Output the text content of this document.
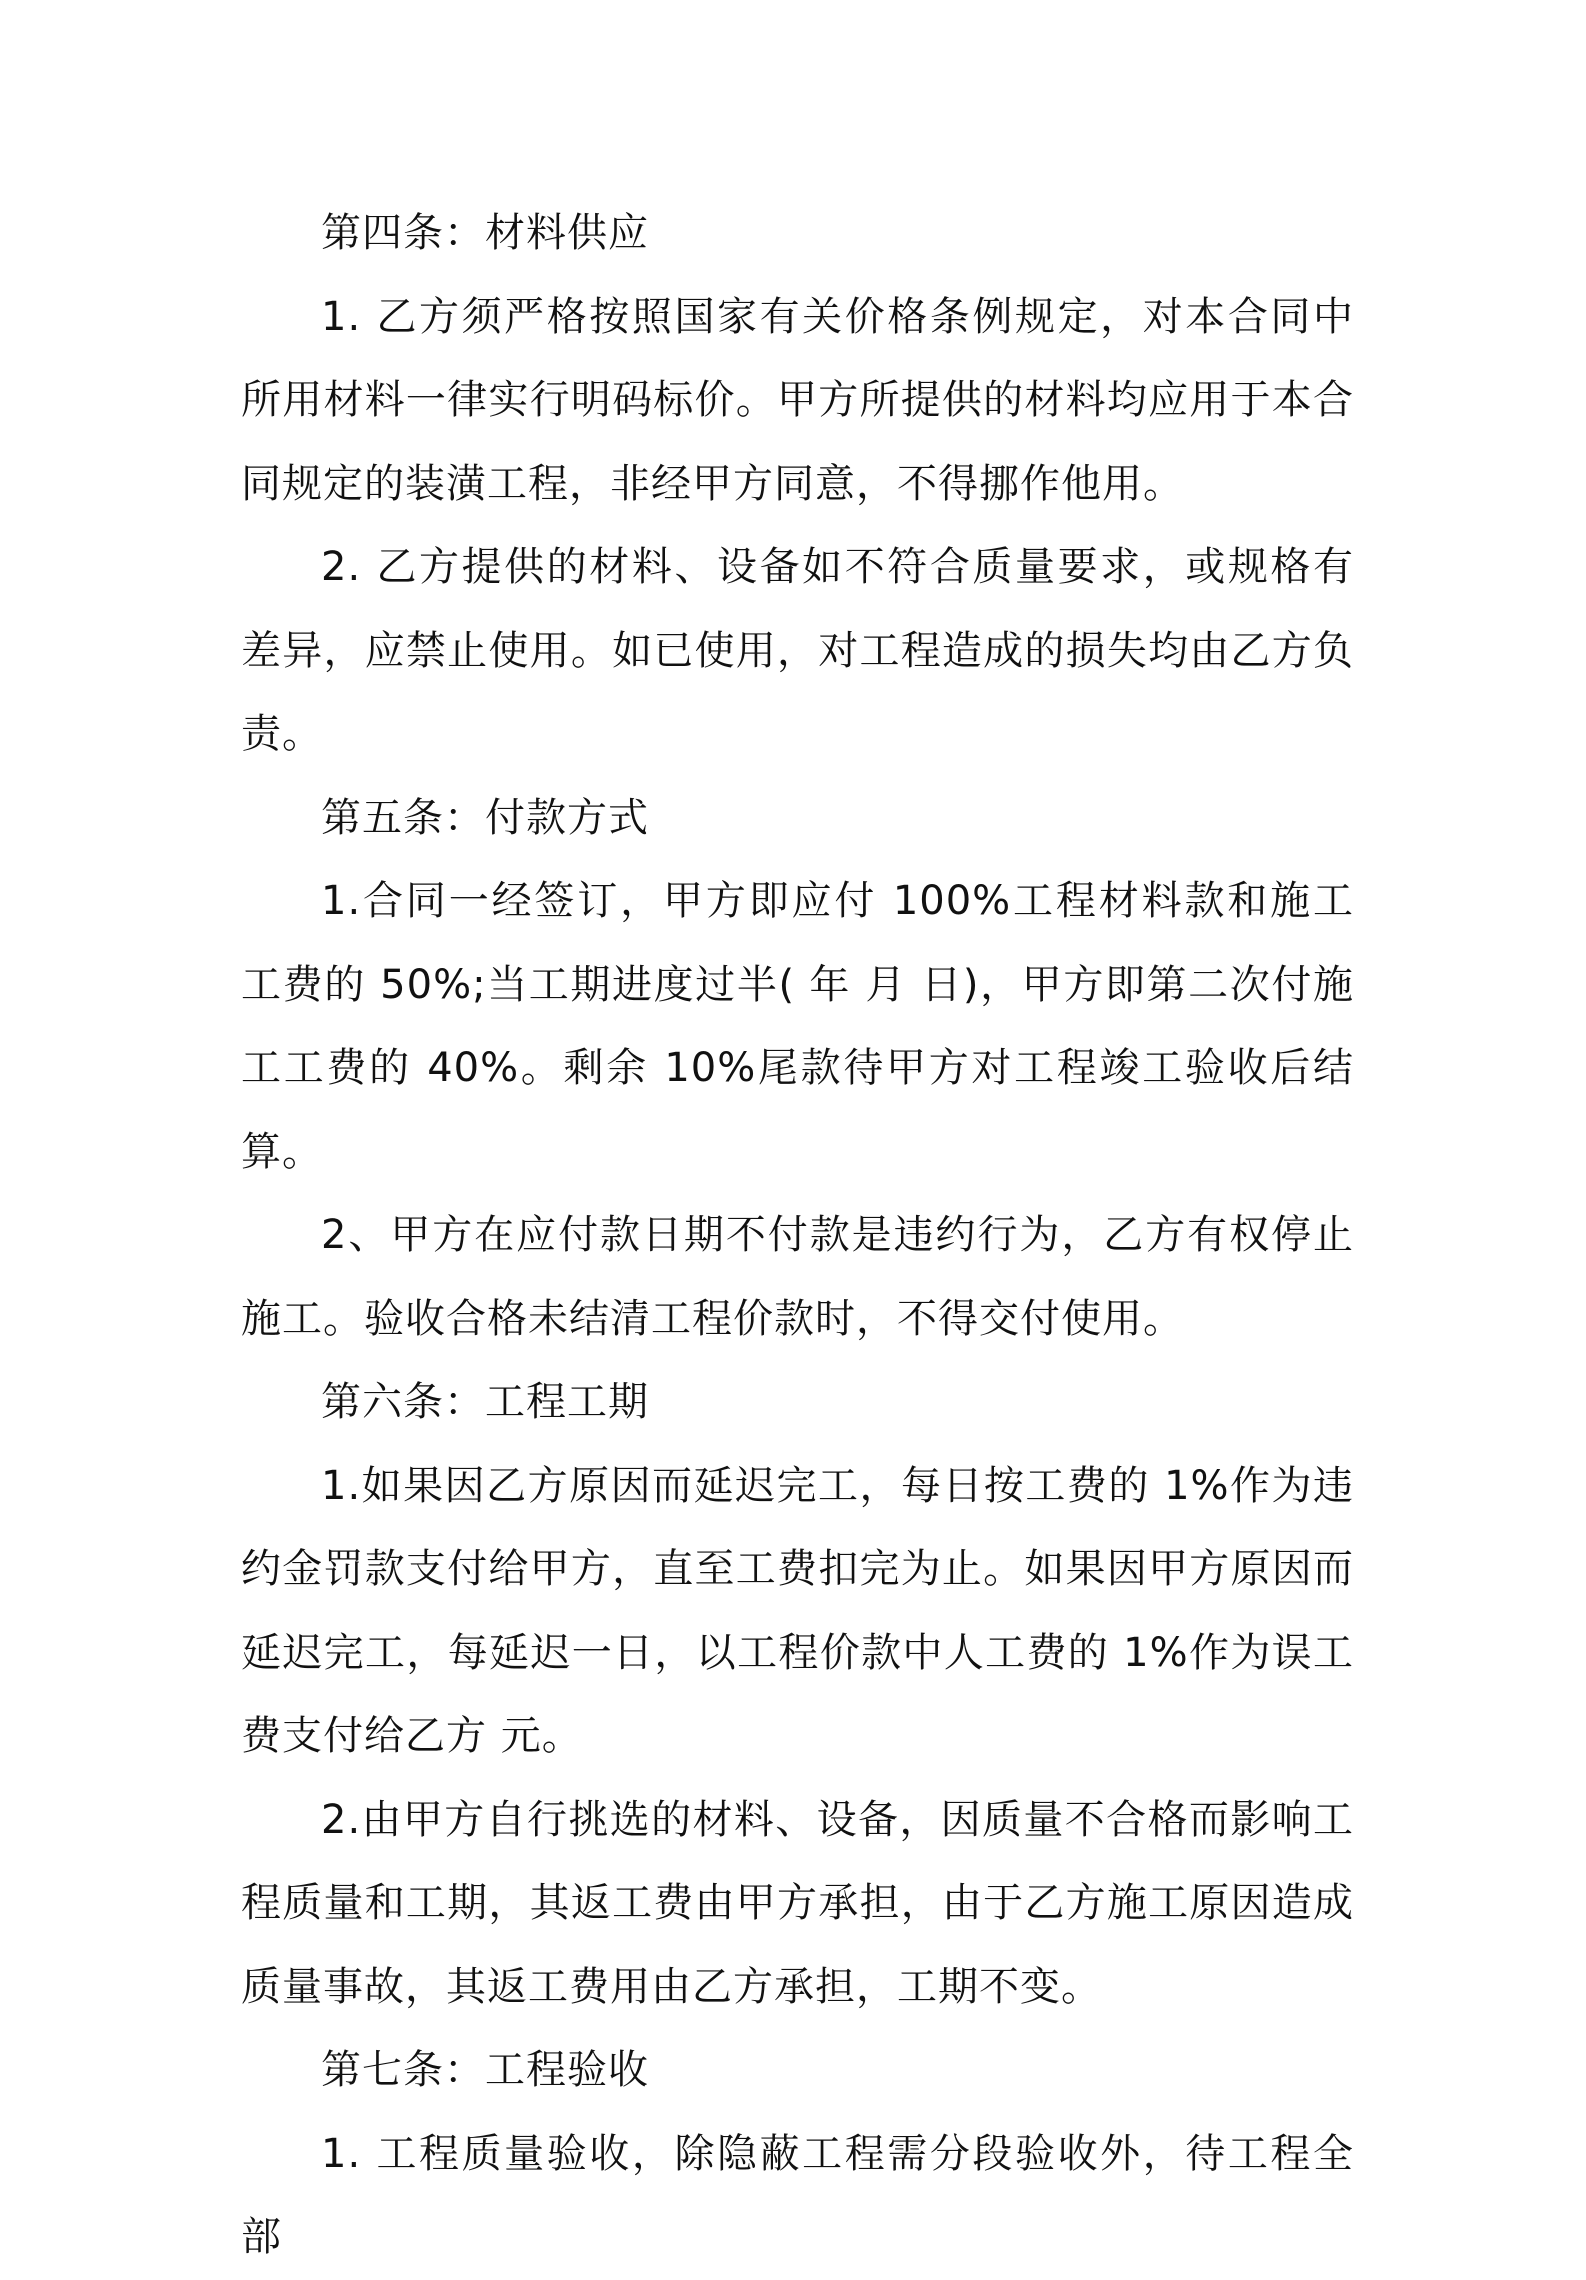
第四条：材料供应

1. 乙方须严格按照国家有关价格条例规定，对本合同中所用材料一律实行明码标价。甲方所提供的材料均应用于本合同规定的装潢工程，非经甲方同意，不得挪作他用。

2. 乙方提供的材料、设备如不符合质量要求，或规格有差异，应禁止使用。如已使用，对工程造成的损失均由乙方负责。

第五条：付款方式

1.合同一经签订，甲方即应付 100%工程材料款和施工工费的 50%;当工期进度过半( 年 月 日)，甲方即第二次付施工工费的 40%。剩余 10%尾款待甲方对工程竣工验收后结算。

2、甲方在应付款日期不付款是违约行为，乙方有权停止施工。验收合格未结清工程价款时，不得交付使用。

第六条：工程工期

1.如果因乙方原因而延迟完工，每日按工费的 1%作为违约金罚款支付给甲方，直至工费扣完为止。如果因甲方原因而延迟完工，每延迟一日，以工程价款中人工费的 1%作为误工费支付给乙方 元。

2.由甲方自行挑选的材料、设备，因质量不合格而影响工程质量和工期，其返工费由甲方承担，由于乙方施工原因造成质量事故，其返工费用由乙方承担，工期不变。

第七条：工程验收

1. 工程质量验收，除隐蔽工程需分段验收外，待工程全部
